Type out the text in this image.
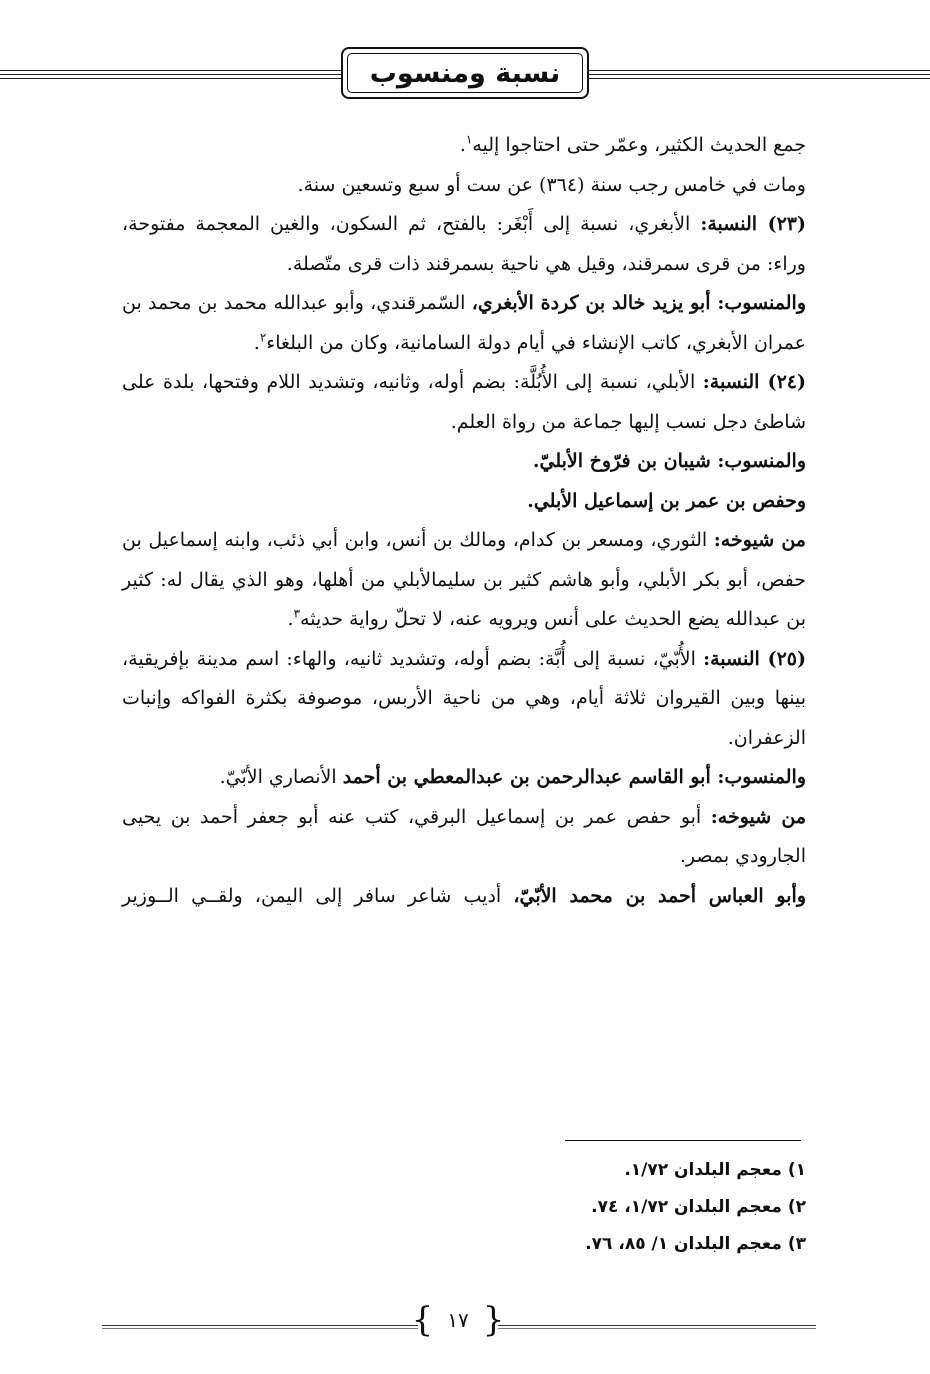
نسبة ومنسوب

جمع الحديث الكثير، وعمّر حتى احتاجوا إليه$^١$.

ومات في خامس رجب سنة (٣٦٤) عن ست أو سبع وتسعين سنة.

(٢٣) النسبة: الأبغري، نسبة إلى أَبْغَر: بالفتح، ثم السكون، والغين المعجمة مفتوحة، وراء: من قرى سمرقند، وقيل هي ناحية بسمرقند ذات قرى متّصلة.

والمنسوب: أبو يزيد خالد بن كردة الأبغري، السّمرقندي، وأبو عبدالله محمد بن محمد بن عمران الأبغري، كاتب الإنشاء في أيام دولة السامانية، وكان من البلغاء$^٢$.

(٢٤) النسبة: الأبلي، نسبة إلى الأُبُلَّة: بضم أوله، وثانيه، وتشديد اللام وفتحها، بلدة على شاطئ دجل نسب إليها جماعة من رواة العلم.

والمنسوب: شيبان بن فرّوخ الأبليّ.

وحفص بن عمر بن إسماعيل الأبلي.

من شيوخه: الثوري، ومسعر بن كدام، ومالك بن أنس، وابن أبي ذئب، وابنه إسماعيل بن حفص، أبو بكر الأبلي، وأبو هاشم كثير بن سليمالأبلي من أهلها، وهو الذي يقال له: كثير بن عبدالله يضع الحديث على أنس ويرويه عنه، لا تحلّ رواية حديثه$^٣$.

(٢٥) النسبة: الأُبّيّ، نسبة إلى أُبَّة: بضم أوله، وتشديد ثانيه، والهاء: اسم مدينة بإفريقية، بينها وبين القيروان ثلاثة أيام، وهي من ناحية الأربس، موصوفة بكثرة الفواكه وإنبات الزعفران.

والمنسوب: أبو القاسم عبدالرحمن بن عبدالمعطي بن أحمد الأنصاري الأبّيّ.

من شيوخه: أبو حفص عمر بن إسماعيل البرقي، كتب عنه أبو جعفر أحمد بن يحيى الجارودي بمصر.

وأبو العباس أحمد بن محمد الأبّيّ، أديب شاعر سافر إلى اليمن، ولقــي الــوزير

١) معجم البلدان ١/٧٢.

٢) معجم البلدان ١/٧٢، ٧٤.

٣) معجم البلدان ١/ ٨٥، ٧٦.

{
١٧
}
